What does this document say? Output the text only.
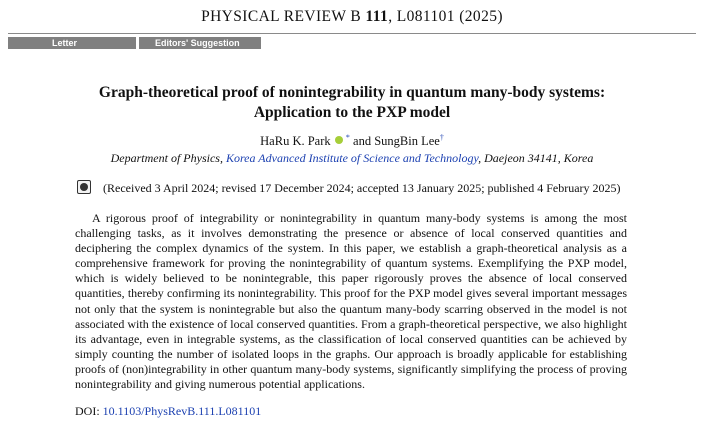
PHYSICAL REVIEW B 111, L081101 (2025)
Letter	Editors' Suggestion
Graph-theoretical proof of nonintegrability in quantum many-body systems:
Application to the PXP model
HaRu K. Park * and SungBin Lee†
Department of Physics, Korea Advanced Institute of Science and Technology, Daejeon 34141, Korea
(Received 3 April 2024; revised 17 December 2024; accepted 13 January 2025; published 4 February 2025)
A rigorous proof of integrability or nonintegrability in quantum many-body systems is among the most challenging tasks, as it involves demonstrating the presence or absence of local conserved quantities and deciphering the complex dynamics of the system. In this paper, we establish a graph-theoretical analysis as a comprehensive framework for proving the nonintegrability of quantum systems. Exemplifying the PXP model, which is widely believed to be nonintegrable, this paper rigorously proves the absence of local conserved quantities, thereby confirming its nonintegrability. This proof for the PXP model gives several important messages not only that the system is nonintegrable but also the quantum many-body scarring observed in the model is not associated with the existence of local conserved quantities. From a graph-theoretical perspective, we also highlight its advantage, even in integrable systems, as the classification of local conserved quantities can be achieved by simply counting the number of isolated loops in the graphs. Our approach is broadly applicable for establishing proofs of (non)integrability in other quantum many-body systems, significantly simplifying the process of proving nonintegrability and giving numerous potential applications.
DOI: 10.1103/PhysRevB.111.L081101
